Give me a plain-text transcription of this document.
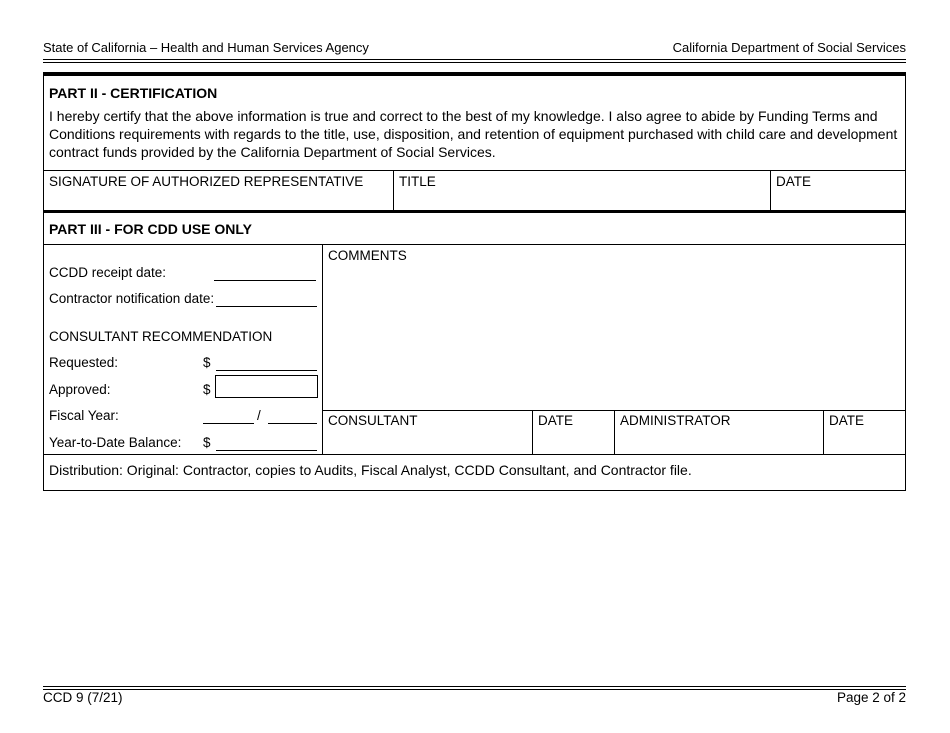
State of California – Health and Human Services Agency	California Department of Social Services
PART II - CERTIFICATION
I hereby certify that the above information is true and correct to the best of my knowledge. I also agree to abide by Funding Terms and Conditions requirements with regards to the title, use, disposition, and retention of equipment purchased with child care and development contract funds provided by the California Department of Social Services.
SIGNATURE OF AUTHORIZED REPRESENTATIVE	TITLE	DATE
PART III - FOR CDD USE ONLY
CCDD receipt date:
Contractor notification date:
CONSULTANT RECOMMENDATION
Requested:	$
Approved:	$
Fiscal Year:	/
Year-to-Date Balance: $
COMMENTS
CONSULTANT	DATE	ADMINISTRATOR	DATE
Distribution: Original: Contractor, copies to Audits, Fiscal Analyst, CCDD Consultant, and Contractor file.
CCD 9 (7/21)	Page 2 of 2
